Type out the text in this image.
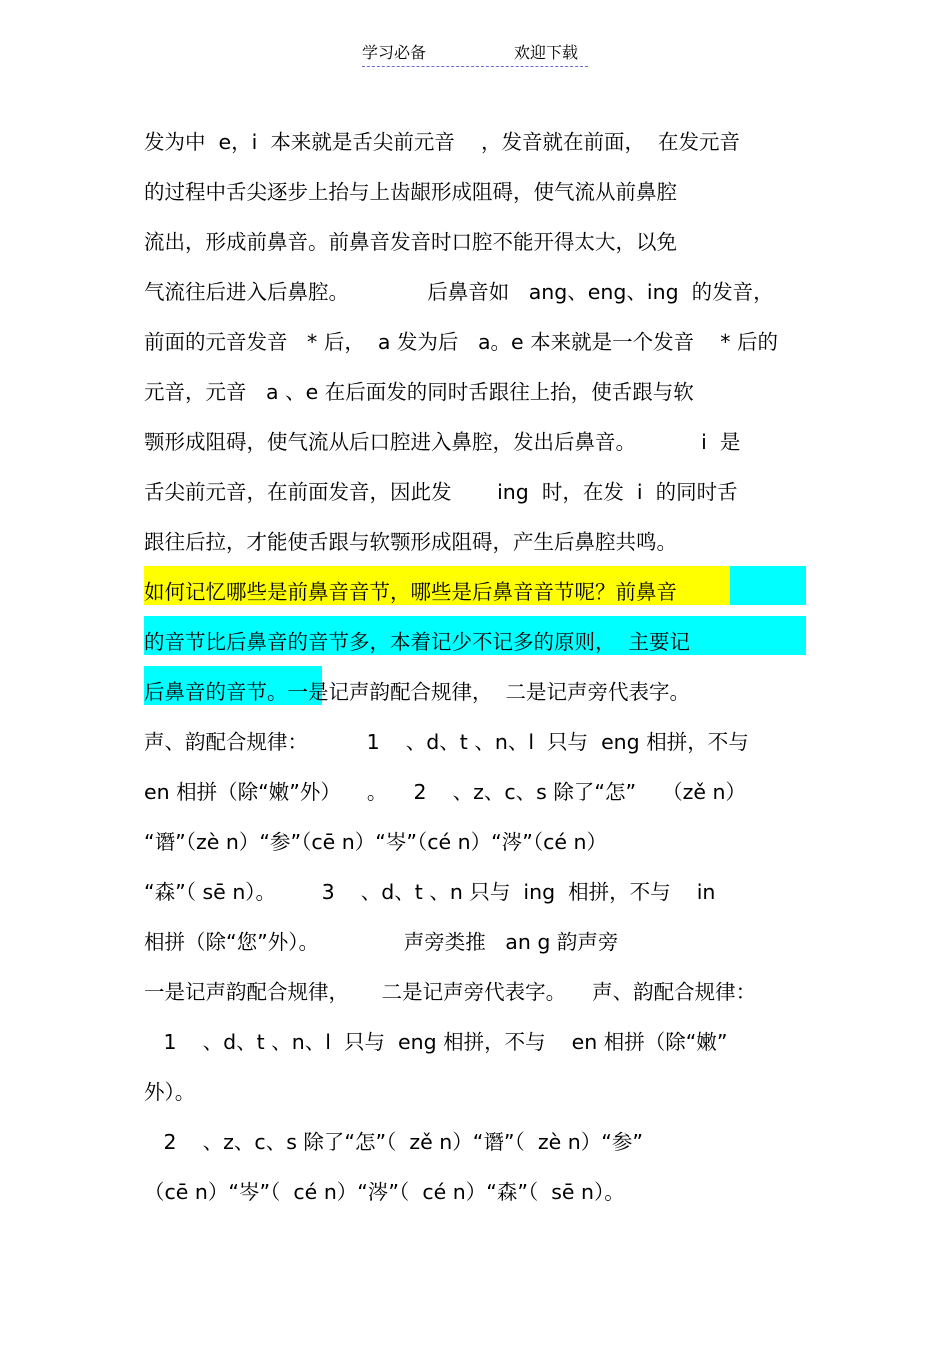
学习必备	欢迎下载
发为中  e，i  本来就是舌尖前元音    ，发音就在前面，  在发元音
的过程中舌尖逐步上抬与上齿龈形成阻碍，使气流从前鼻腔
流出，形成前鼻音。前鼻音发音时口腔不能开得太大，以免
气流往后进入后鼻腔。            后鼻音如   ang、eng、ing  的发音，
前面的元音发音   * 后，  a 发为后   a。e 本来就是一个发音    * 后的
元音，元音   a 、e 在后面发的同时舌跟往上抬，使舌跟与软
颚形成阻碍，使气流从后口腔进入鼻腔，发出后鼻音。          i  是
舌尖前元音，在前面发音，因此发       ing  时，在发  i  的同时舌
跟往后拉，才能使舌跟与软颚形成阻碍，产生后鼻腔共鸣。
如何记忆哪些是前鼻音音节，哪些是后鼻音音节呢？前鼻音
的音节比后鼻音的音节多，本着记少不记多的原则，  主要记
后鼻音的音节。一是记声韵配合规律，  二是记声旁代表字。
声、韵配合规律：         1    、d、t 、n、l  只与  eng 相拼，不与
en 相拼（除“嫩”外）    。    2    、z、c、s 除了“怎”    （zě n）
“谮”（zè n）“参”（cē n）“岑”（cé n）“涔”（cé n）
“森”（ sē n）。       3    、d、t 、n 只与  ing  相拼，不与    in
相拼（除“您”外）。             声旁类推   an g 韵声旁
一是记声韵配合规律，     二是记声旁代表字。    声、韵配合规律：
1    、d、t 、n、l  只与  eng 相拼，不与    en 相拼（除“嫩”
外）。
2    、z、c、s 除了“怎”（  zě n）“谮”（  zè n）“参”
（cē n）“岑”（  cé n）“涔”（  cé n）“森”（  sē n）。
